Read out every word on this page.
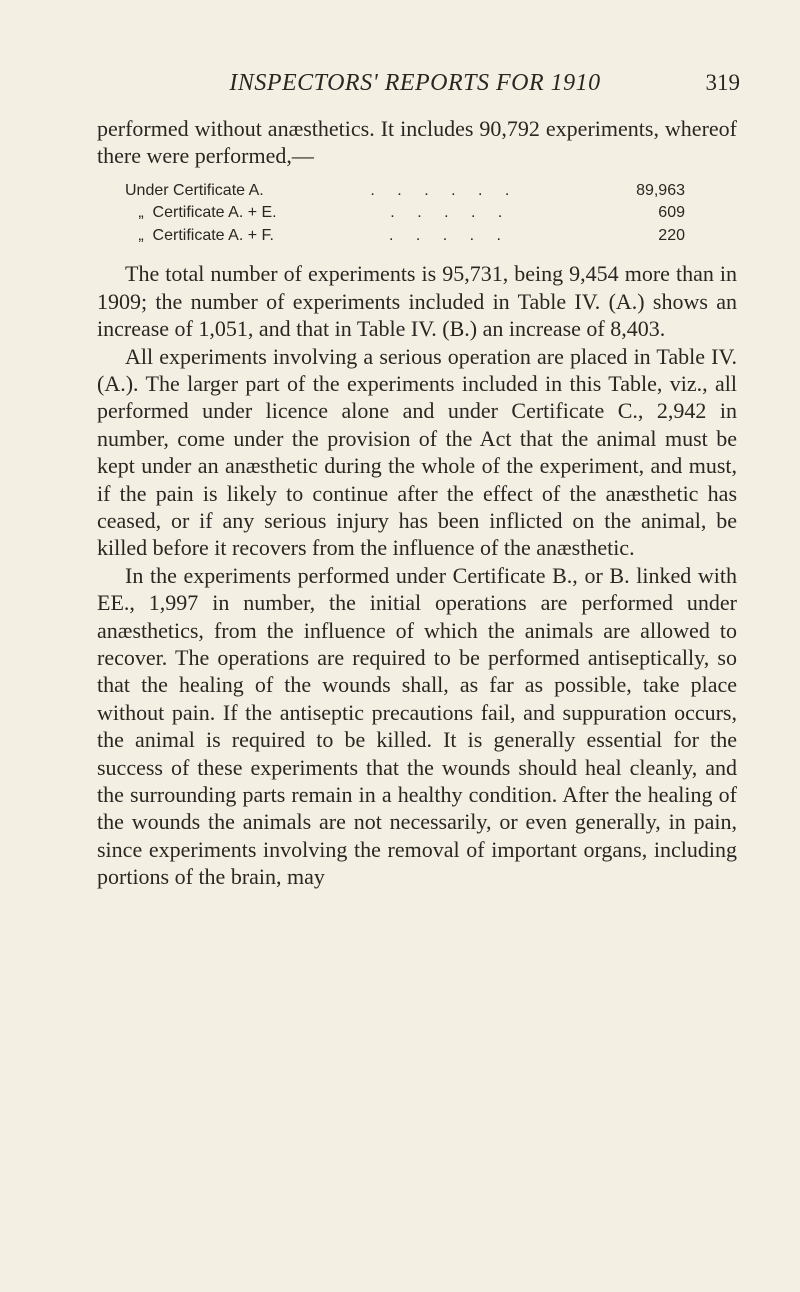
INSPECTORS' REPORTS FOR 1910	319

performed without anæsthetics. It includes 90,792 experiments, whereof there were performed,—

Under Certificate A.	. . . . . .	89,963
„  Certificate A. + E.	. . . . .	609
„  Certificate A. + F.	. . . . .	220

The total number of experiments is 95,731, being 9,454 more than in 1909; the number of experiments included in Table IV. (A.) shows an increase of 1,051, and that in Table IV. (B.) an increase of 8,403.

All experiments involving a serious operation are placed in Table IV. (A.). The larger part of the experiments included in this Table, viz., all performed under licence alone and under Certificate C., 2,942 in number, come under the provision of the Act that the animal must be kept under an anæsthetic during the whole of the experiment, and must, if the pain is likely to continue after the effect of the anæsthetic has ceased, or if any serious injury has been inflicted on the animal, be killed before it recovers from the influence of the anæsthetic.

In the experiments performed under Certificate B., or B. linked with EE., 1,997 in number, the initial operations are performed under anæsthetics, from the influence of which the animals are allowed to recover. The operations are required to be performed antiseptically, so that the healing of the wounds shall, as far as possible, take place without pain. If the antiseptic precautions fail, and suppuration occurs, the animal is required to be killed. It is generally essential for the success of these experiments that the wounds should heal cleanly, and the surrounding parts remain in a healthy condition. After the healing of the wounds the animals are not necessarily, or even generally, in pain, since experiments involving the removal of important organs, including portions of the brain, may
